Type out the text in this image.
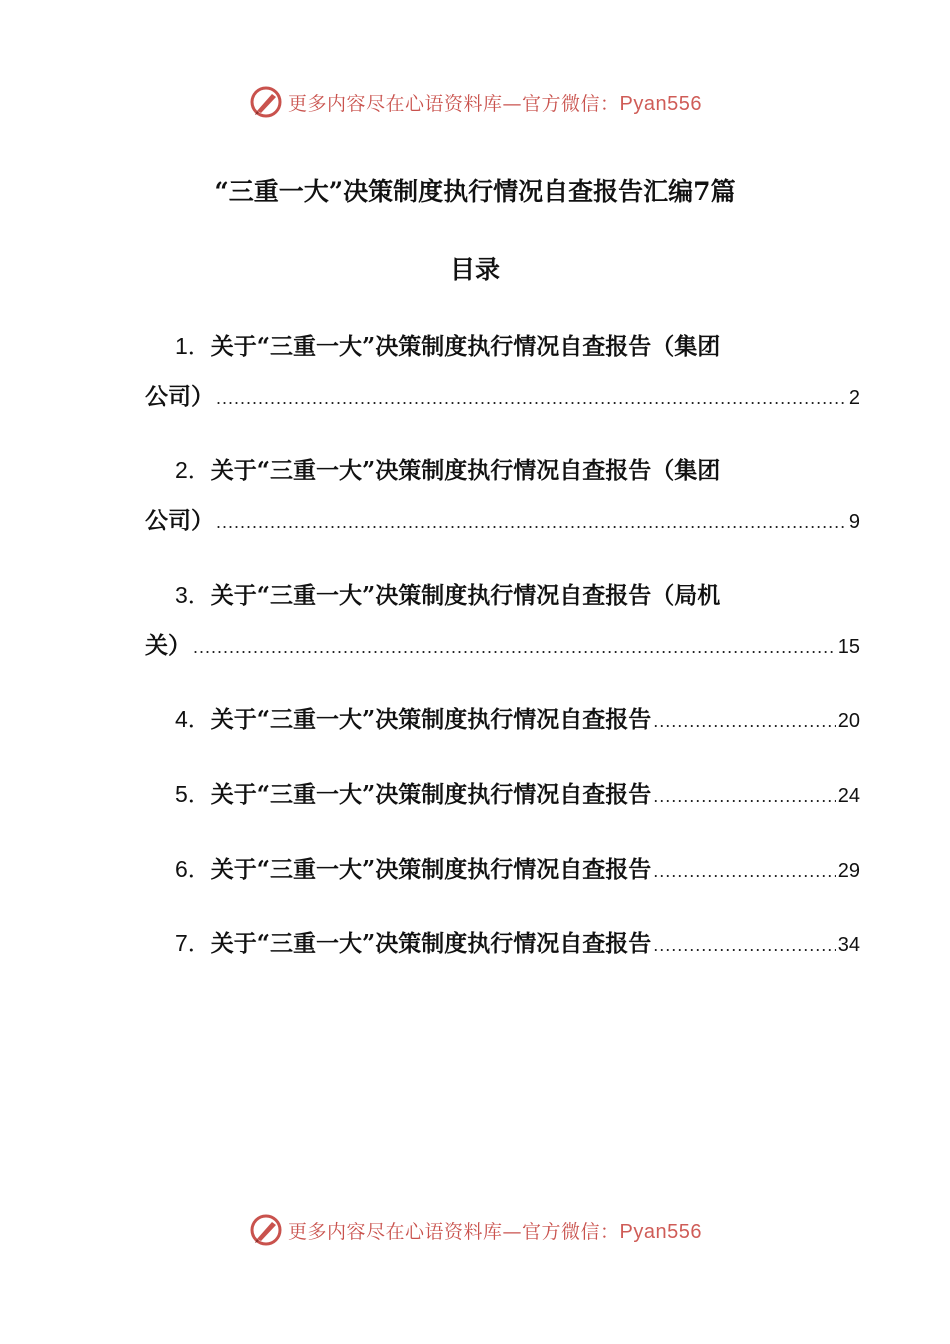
更多内容尽在心语资料库—官方微信：Pyan556
“三重一大”决策制度执行情况自查报告汇编7篇
目录
1．关于“三重一大”决策制度执行情况自查报告（集团
公司） .....	2
2．关于“三重一大”决策制度执行情况自查报告（集团
公司） .....	9
3．关于“三重一大”决策制度执行情况自查报告（局机
关） .....	15
4．关于“三重一大”决策制度执行情况自查报告 .....	20
5．关于“三重一大”决策制度执行情况自查报告 .....	24
6．关于“三重一大”决策制度执行情况自查报告 .....	29
7．关于“三重一大”决策制度执行情况自查报告 .....	34
更多内容尽在心语资料库—官方微信：Pyan556
